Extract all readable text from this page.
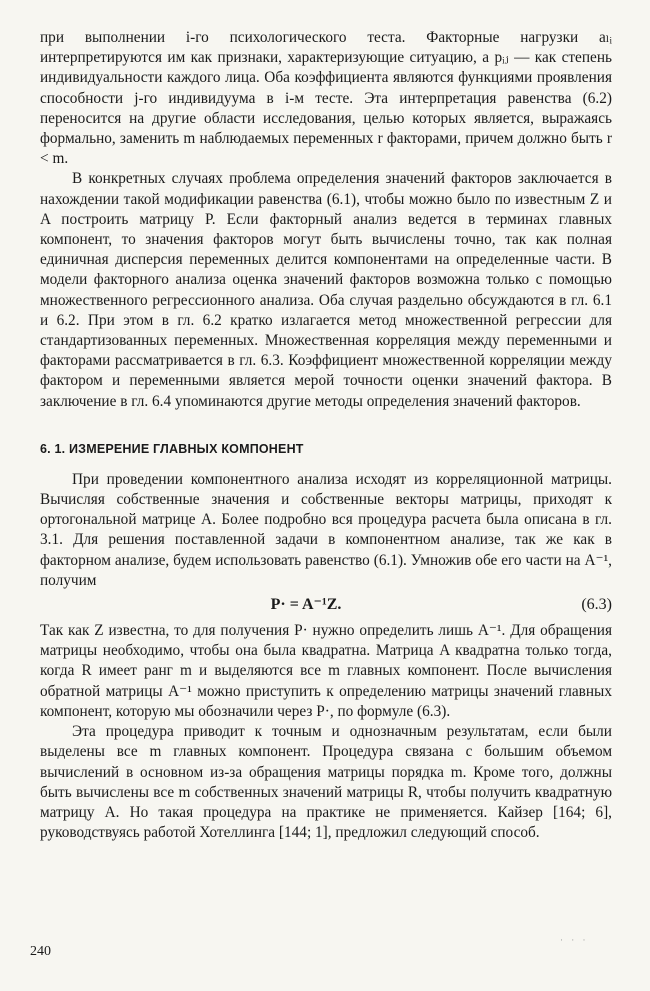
при выполнении i-го психологического теста. Факторные нагрузки aₗᵢ интерпретируются им как признаки, характеризующие ситуацию, а pᵢⱼ — как степень индивидуальности каждого лица. Оба коэффициента являются функциями проявления способности j-го индивидуума в i-м тесте. Эта интерпретация равенства (6.2) переносится на другие области исследования, целью которых является, выражаясь формально, заменить m наблюдаемых переменных r факторами, причем должно быть r < m.

В конкретных случаях проблема определения значений факторов заключается в нахождении такой модификации равенства (6.1), чтобы можно было по известным Z и A построить матрицу P. Если факторный анализ ведется в терминах главных компонент, то значения факторов могут быть вычислены точно, так как полная единичная дисперсия переменных делится компонентами на определенные части. В модели факторного анализа оценка значений факторов возможна только с помощью множественного регрессионного анализа. Оба случая раздельно обсуждаются в гл. 6.1 и 6.2. При этом в гл. 6.2 кратко излагается метод множественной регрессии для стандартизованных переменных. Множественная корреляция между переменными и факторами рассматривается в гл. 6.3. Коэффициент множественной корреляции между фактором и переменными является мерой точности оценки значений фактора. В заключение в гл. 6.4 упоминаются другие методы определения значений факторов.

6. 1. ИЗМЕРЕНИЕ ГЛАВНЫХ КОМПОНЕНТ

При проведении компонентного анализа исходят из корреляционной матрицы. Вычисляя собственные значения и собственные векторы матрицы, приходят к ортогональной матрице A. Более подробно вся процедура расчета была описана в гл. 3.1. Для решения поставленной задачи в компонентном анализе, так же как в факторном анализе, будем использовать равенство (6.1). Умножив обе его части на A⁻¹, получим

P· = A⁻¹Z.	(6.3)

Так как Z известна, то для получения P· нужно определить лишь A⁻¹. Для обращения матрицы необходимо, чтобы она была квадратна. Матрица A квадратна только тогда, когда R имеет ранг m и выделяются все m главных компонент. После вычисления обратной матрицы A⁻¹ можно приступить к определению матрицы значений главных компонент, которую мы обозначили через P·, по формуле (6.3).

Эта процедура приводит к точным и однозначным результатам, если были выделены все m главных компонент. Процедура связана с большим объемом вычислений в основном из-за обращения матрицы порядка m. Кроме того, должны быть вычислены все m собственных значений матрицы R, чтобы получить квадратную матрицу A. Но такая процедура на практике не применяется. Кайзер [164; 6], руководствуясь работой Хотеллинга [144; 1], предложил следующий способ.

240
· · ·
